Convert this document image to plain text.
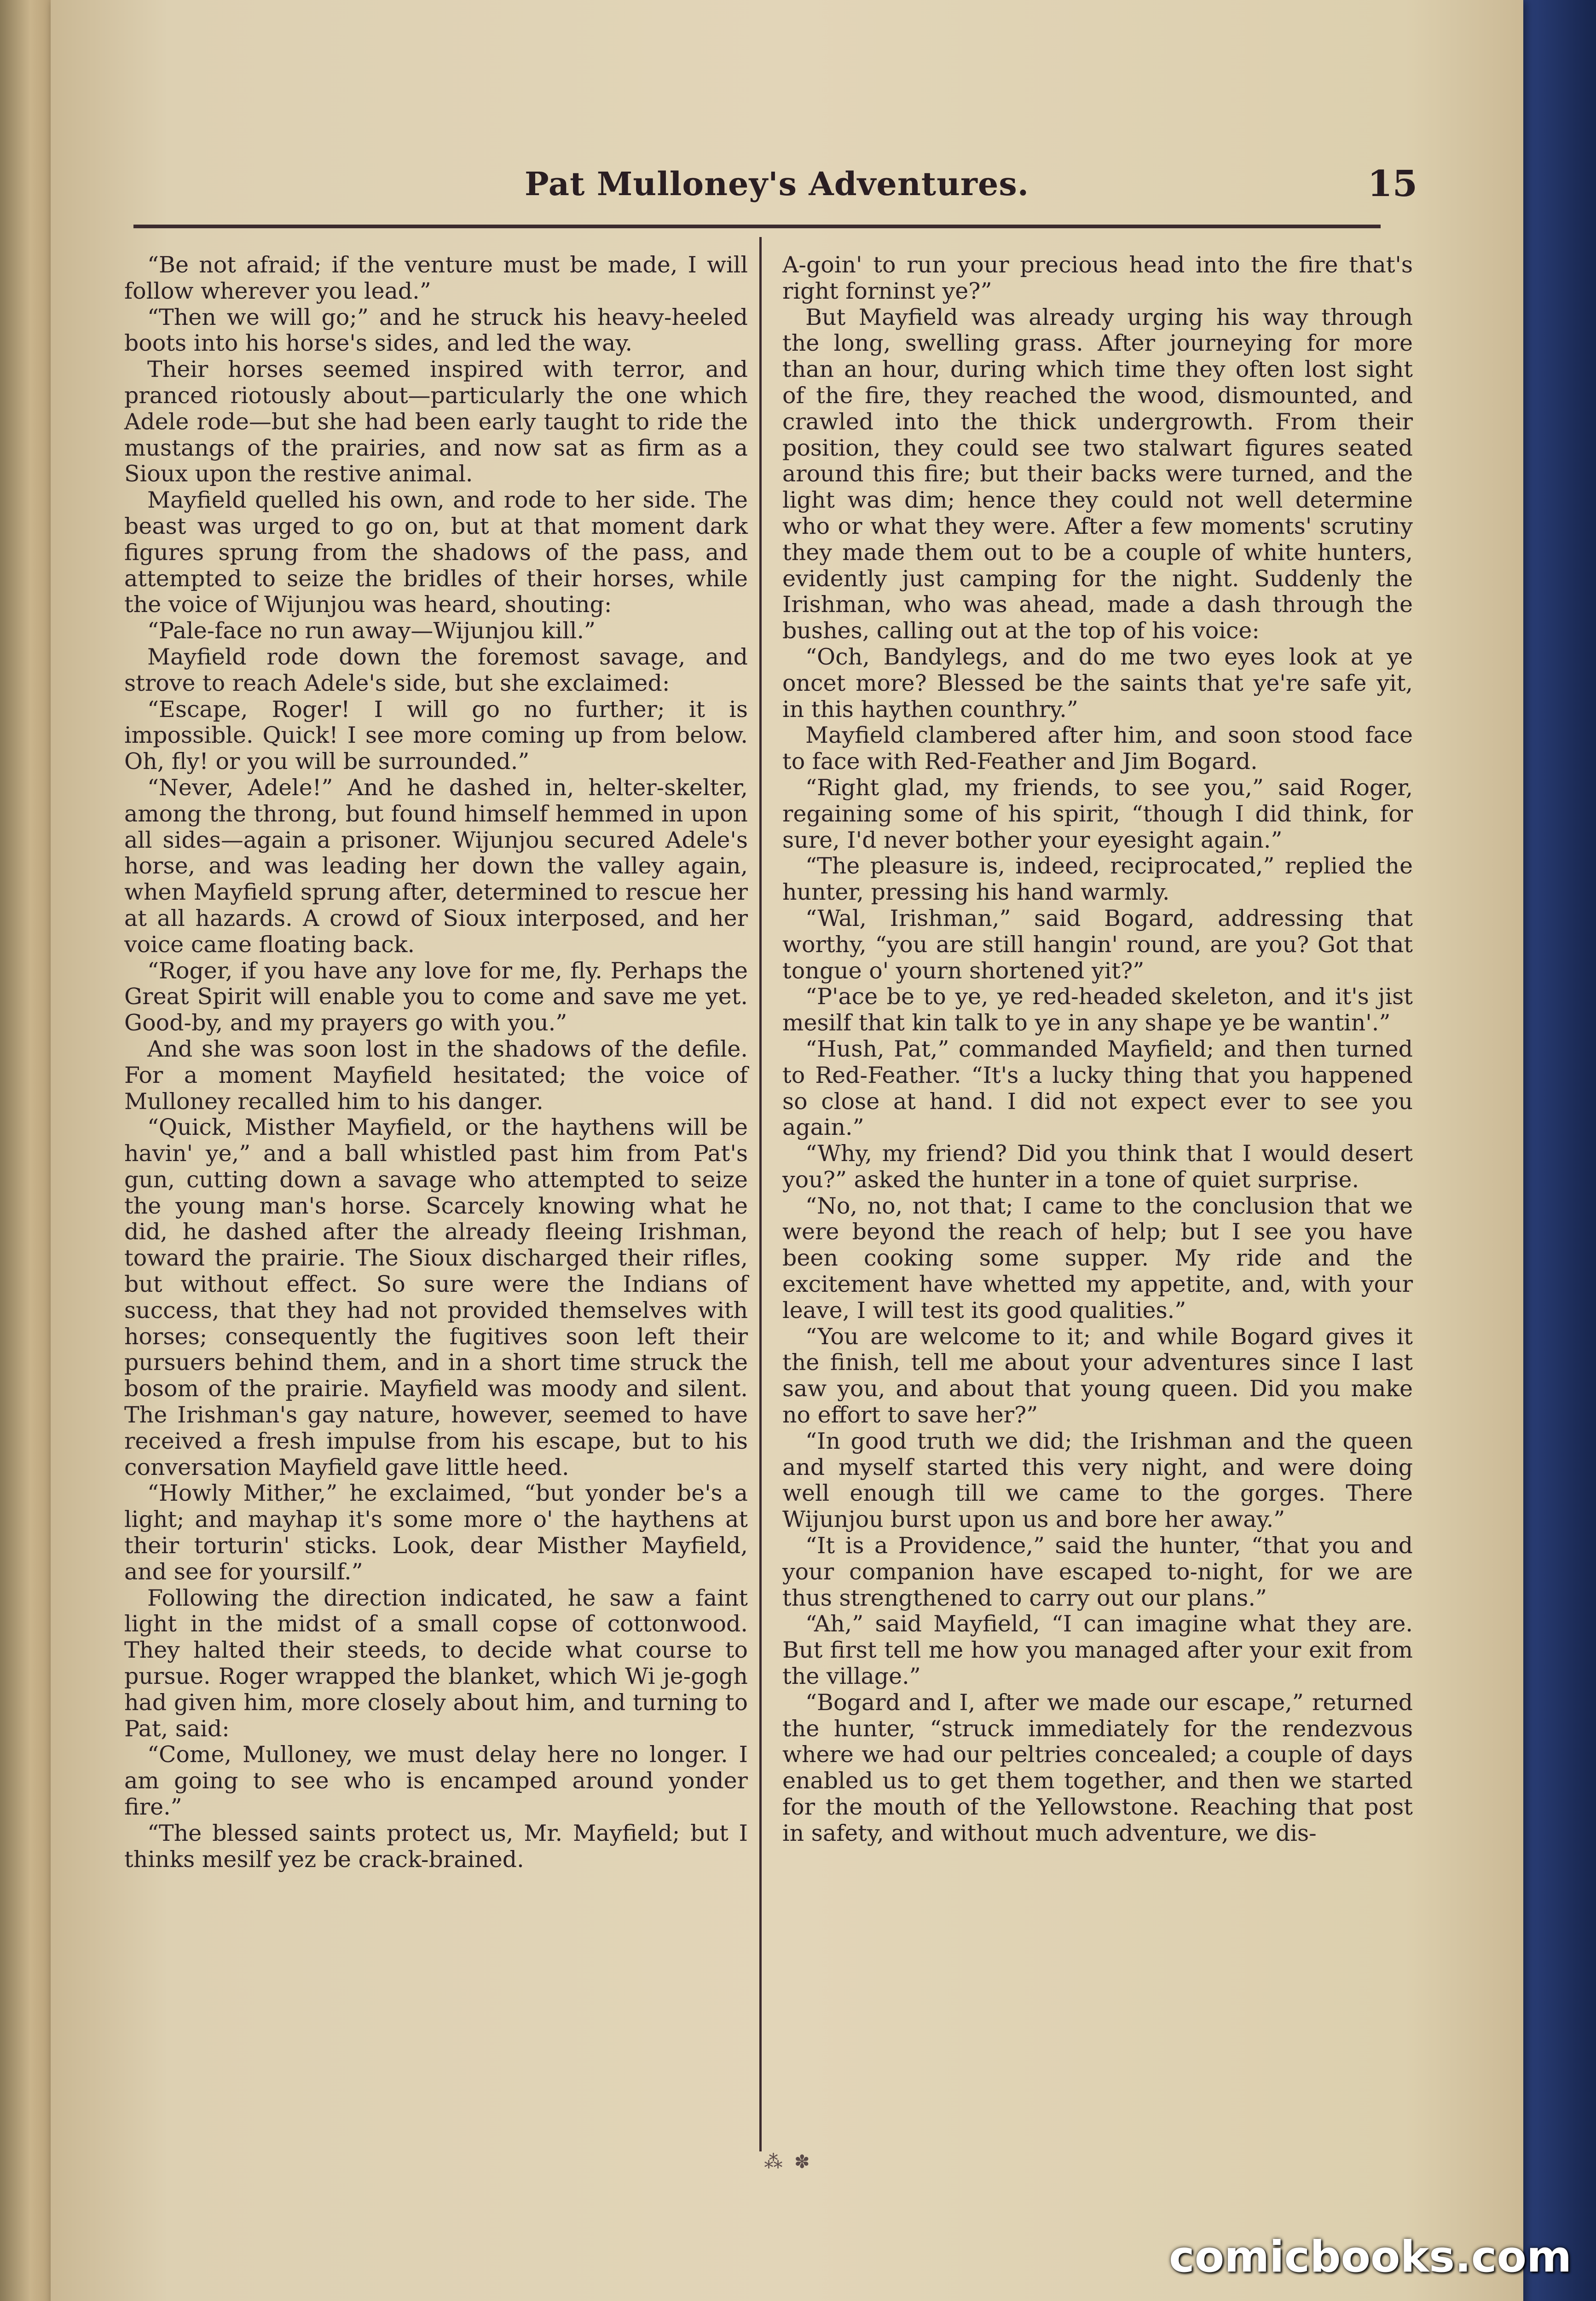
Pat Mulloney's Adventures.	15

“Be not afraid; if the venture must be made, I will follow wherever you lead.”

“Then we will go;” and he struck his heavy-heeled boots into his horse's sides, and led the way.

Their horses seemed inspired with terror, and pranced riotously about—particularly the one which Adele rode—but she had been early taught to ride the mustangs of the prairies, and now sat as firm as a Sioux upon the restive animal.

Mayfield quelled his own, and rode to her side. The beast was urged to go on, but at that moment dark figures sprung from the shadows of the pass, and attempted to seize the bridles of their horses, while the voice of Wijunjou was heard, shouting:

“Pale-face no run away—Wijunjou kill.”

Mayfield rode down the foremost savage, and strove to reach Adele's side, but she exclaimed:

“Escape, Roger! I will go no further; it is impossible. Quick! I see more coming up from below. Oh, fly! or you will be surrounded.”

“Never, Adele!” And he dashed in, helter-skelter, among the throng, but found himself hemmed in upon all sides—again a prisoner. Wijunjou secured Adele's horse, and was leading her down the valley again, when Mayfield sprung after, determined to rescue her at all hazards. A crowd of Sioux interposed, and her voice came floating back.

“Roger, if you have any love for me, fly. Perhaps the Great Spirit will enable you to come and save me yet. Good-by, and my prayers go with you.”

And she was soon lost in the shadows of the defile. For a moment Mayfield hesitated; the voice of Mulloney recalled him to his danger.

“Quick, Misther Mayfield, or the haythens will be havin' ye,” and a ball whistled past him from Pat's gun, cutting down a savage who attempted to seize the young man's horse. Scarcely knowing what he did, he dashed after the already fleeing Irishman, toward the prairie. The Sioux discharged their rifles, but without effect. So sure were the Indians of success, that they had not provided themselves with horses; consequently the fugitives soon left their pursuers behind them, and in a short time struck the bosom of the prairie. Mayfield was moody and silent. The Irishman's gay nature, however, seemed to have received a fresh impulse from his escape, but to his conversation Mayfield gave little heed.

“Howly Mither,” he exclaimed, “but yonder be's a light; and mayhap it's some more o' the haythens at their torturin' sticks. Look, dear Misther Mayfield, and see for yoursilf.”

Following the direction indicated, he saw a faint light in the midst of a small copse of cottonwood. They halted their steeds, to decide what course to pursue. Roger wrapped the blanket, which Wi je-gogh had given him, more closely about him, and turning to Pat, said:

“Come, Mulloney, we must delay here no longer. I am going to see who is encamped around yonder fire.”

“The blessed saints protect us, Mr. Mayfield; but I thinks mesilf yez be crack-brained.

A-goin' to run your precious head into the fire that's right forninst ye?”

But Mayfield was already urging his way through the long, swelling grass. After journeying for more than an hour, during which time they often lost sight of the fire, they reached the wood, dismounted, and crawled into the thick undergrowth. From their position, they could see two stalwart figures seated around this fire; but their backs were turned, and the light was dim; hence they could not well determine who or what they were. After a few moments' scrutiny they made them out to be a couple of white hunters, evidently just camping for the night. Suddenly the Irishman, who was ahead, made a dash through the bushes, calling out at the top of his voice:

“Och, Bandylegs, and do me two eyes look at ye oncet more? Blessed be the saints that ye're safe yit, in this haythen counthry.”

Mayfield clambered after him, and soon stood face to face with Red-Feather and Jim Bogard.

“Right glad, my friends, to see you,” said Roger, regaining some of his spirit, “though I did think, for sure, I'd never bother your eyesight again.”

“The pleasure is, indeed, reciprocated,” replied the hunter, pressing his hand warmly.

“Wal, Irishman,” said Bogard, addressing that worthy, “you are still hangin' round, are you? Got that tongue o' yourn shortened yit?”

“P'ace be to ye, ye red-headed skeleton, and it's jist mesilf that kin talk to ye in any shape ye be wantin'.”

“Hush, Pat,” commanded Mayfield; and then turned to Red-Feather. “It's a lucky thing that you happened so close at hand. I did not expect ever to see you again.”

“Why, my friend? Did you think that I would desert you?” asked the hunter in a tone of quiet surprise.

“No, no, not that; I came to the conclusion that we were beyond the reach of help; but I see you have been cooking some supper. My ride and the excitement have whetted my appetite, and, with your leave, I will test its good qualities.”

“You are welcome to it; and while Bogard gives it the finish, tell me about your adventures since I last saw you, and about that young queen. Did you make no effort to save her?”

“In good truth we did; the Irishman and the queen and myself started this very night, and were doing well enough till we came to the gorges. There Wijunjou burst upon us and bore her away.”

“It is a Providence,” said the hunter, “that you and your companion have escaped to-night, for we are thus strengthened to carry out our plans.”

“Ah,” said Mayfield, “I can imagine what they are. But first tell me how you managed after your exit from the village.”

“Bogard and I, after we made our escape,” returned the hunter, “struck immediately for the rendezvous where we had our peltries concealed; a couple of days enabled us to get them together, and then we started for the mouth of the Yellowstone. Reaching that post in safety, and without much adventure, we dis-

⁂  ✽
comicbooks.com
